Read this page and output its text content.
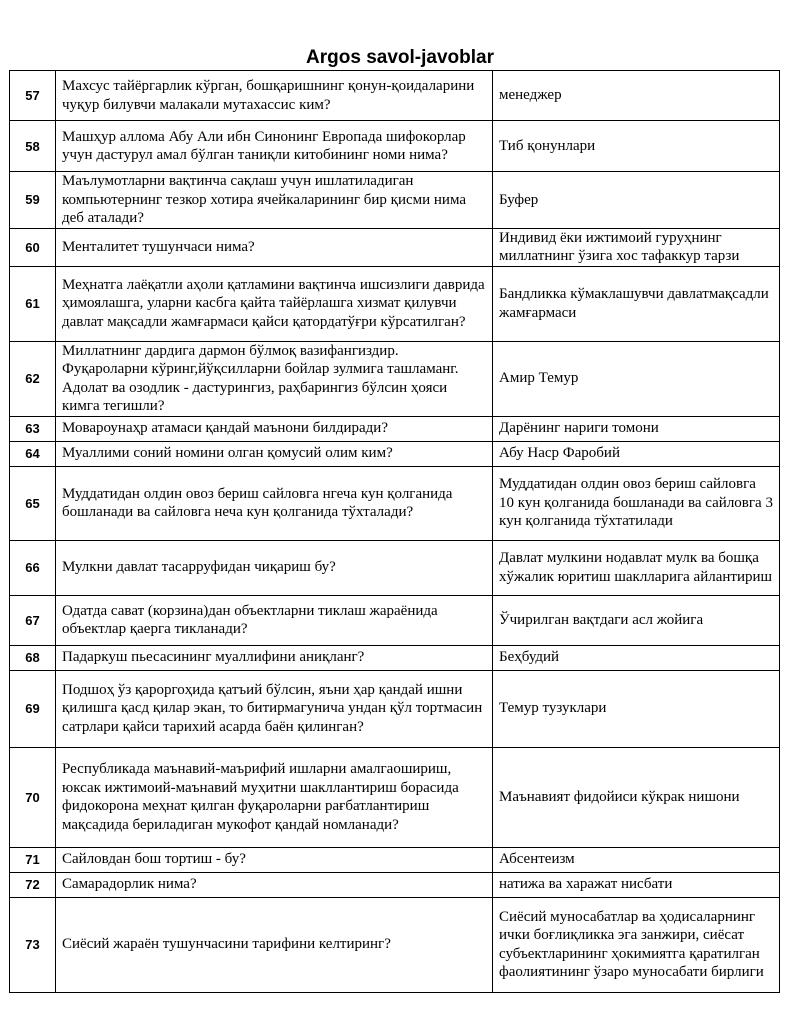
Argos savol-javoblar
57	Махсус тайёргарлик кўрган, бошқаришнинг қонун-қоидаларини чуқур билувчи малакали мутахассис ким?	менеджер
58	Машҳур аллома Абу Али ибн Синонинг Европада шифокорлар учун дастурул амал бўлган таниқли китобининг номи нима?	Тиб қонунлари
59	Маълумотларни вақтинча сақлаш учун ишлатиладиган компьютернинг тезкор хотира ячейкаларининг бир қисми нима деб аталади?	Буфер
60	Менталитет тушунчаси нима?	Индивид ёки ижтимоий гуруҳнинг миллатнинг ўзига хос тафаккур тарзи
61	Меҳнатга лаёқатли аҳоли қатламини вақтинча ишсизлиги даврида ҳимоялашга, уларни касбга қайта тайёрлашга хизмат қилувчи давлат мақсадли жамғармаси қайси қатордатўғри кўрсатилган?	Бандликка кўмаклашувчи давлатмақсадли жамғармаси
62	Миллатнинг дардига дармон бўлмоқ вазифангиздир. Фуқароларни кўринг,йўқсилларни бойлар зулмига ташламанг. Адолат ва озодлик - дастурингиз, раҳбарингиз бўлсин ҳояси кимга тегишли?	Амир Темур
63	Мовароунаҳр атамаси қандай маънони билдиради?	Дарёнинг нариги томони
64	Муаллими соний номини олган қомусий олим ким?	Абу Наср Фаробий
65	Муддатидан олдин овоз бериш сайловга нгеча кун қолганида бошланади ва сайловга неча кун қолганида тўхталади?	Муддатидан олдин овоз бериш сайловга 10 кун қолганида бошланади ва сайловга 3 кун қолганида тўхтатилади
66	Мулкни давлат тасарруфидан чиқариш бу?	Давлат мулкини нодавлат мулк ва бошқа хўжалик юритиш шаклларига айлантириш
67	Одатда сават (корзина)дан объектларни тиклаш жараёнида объектлар қаерга тикланади?	Ўчирилган вақтдаги асл жойига
68	Падаркуш пьесасининг муаллифини аниқланг?	Беҳбудий
69	Подшоҳ ўз қароргоҳида қатъий бўлсин, яъни ҳар қандай ишни қилишга қасд қилар экан, то битирмагунича ундан қўл тортмасин сатрлари қайси тарихий асарда баён қилинган?	Темур тузуклари
70	Республикада маънавий-маърифий ишларни амалгаошириш, юксак ижтимоий-маънавий муҳитни шакллантириш борасида фидокорона меҳнат қилган фуқароларни рағбатлантириш мақсадида бериладиган мукофот қандай номланади?	Маънавият фидойиси кўкрак нишони
71	Сайловдан бош тортиш - бу?	Абсентеизм
72	Самарадорлик нима?	натижа ва харажат нисбати
73	Сиёсий жараён тушунчасини тарифини келтиринг?	Сиёсий муносабатлар ва ҳодисаларнинг ички боғлиқликка эга занжири, сиёсат субъектларининг ҳокимиятга қаратилган фаолиятининг ўзаро муносабати бирлиги
